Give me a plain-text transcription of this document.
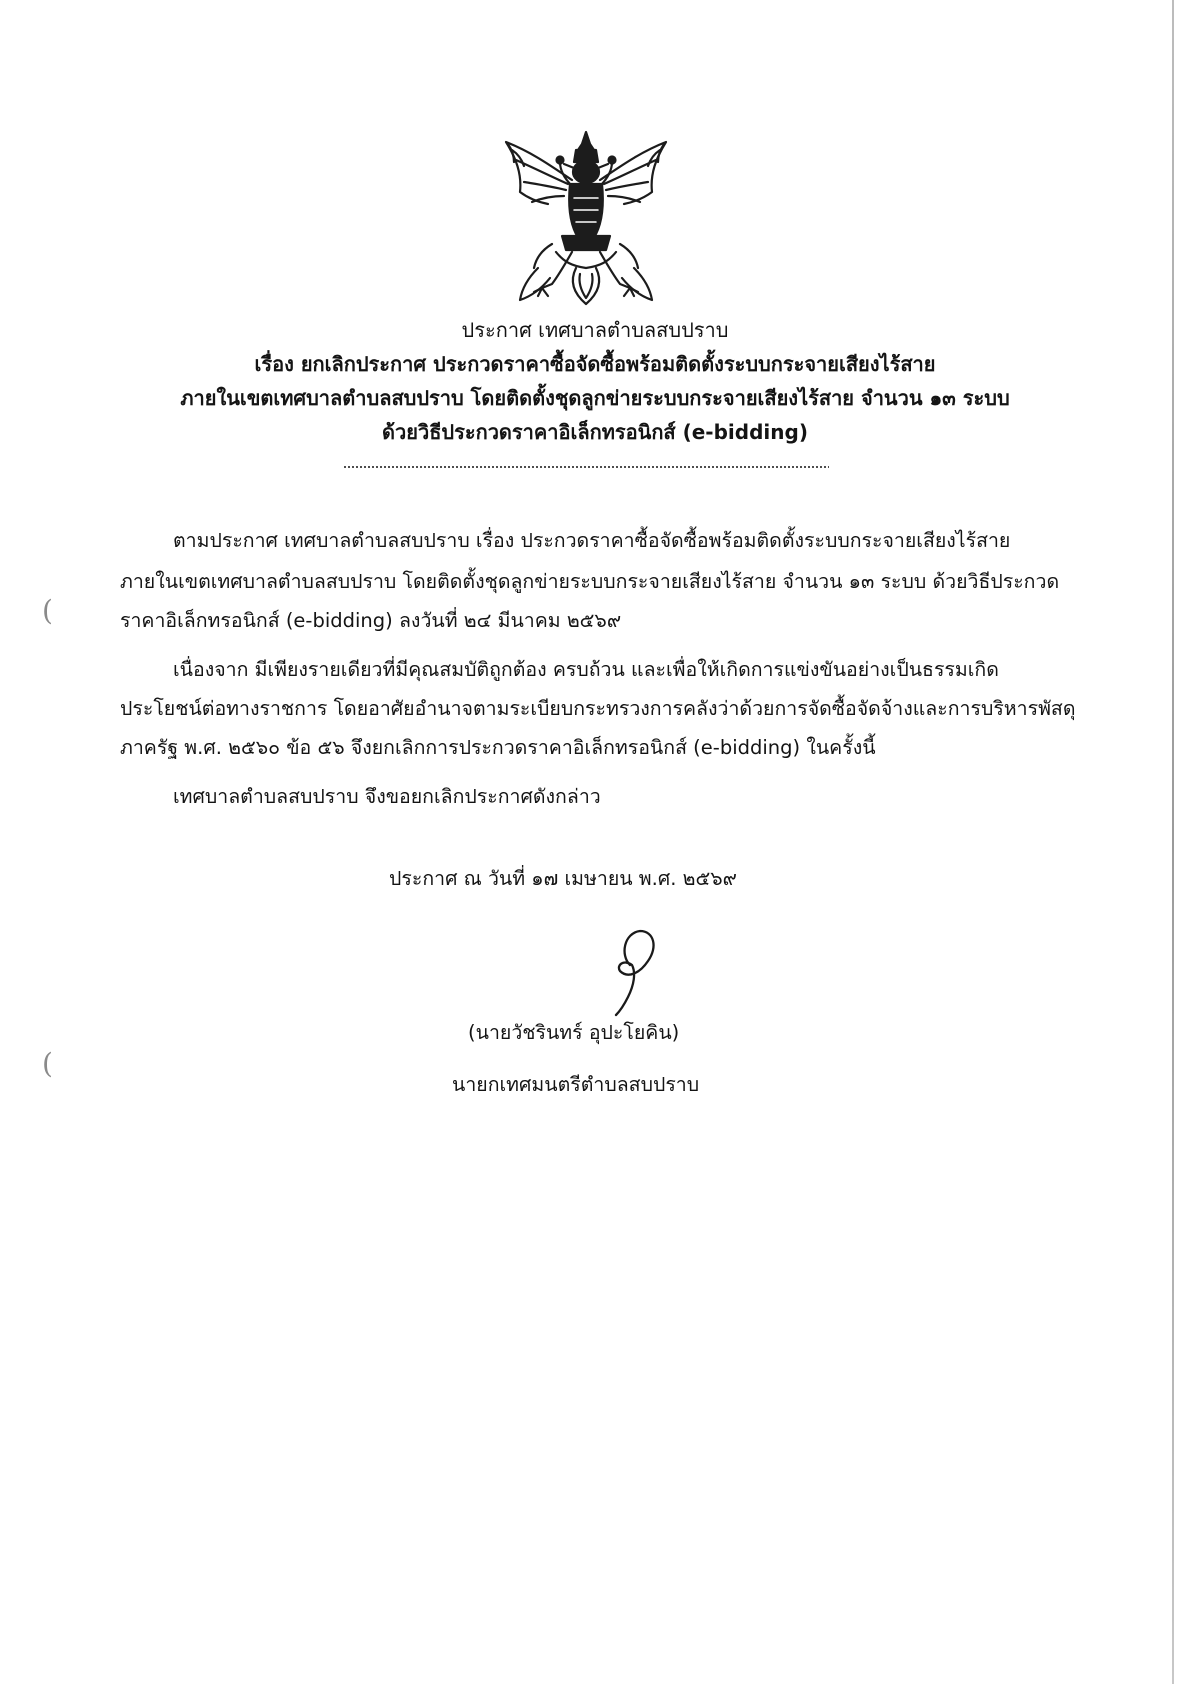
ประกาศ เทศบาลตำบลสบปราบ
เรื่อง ยกเลิกประกาศ ประกวดราคาซื้อจัดซื้อพร้อมติดตั้งระบบกระจายเสียงไร้สาย
ภายในเขตเทศบาลตำบลสบปราบ โดยติดตั้งชุดลูกข่ายระบบกระจายเสียงไร้สาย จำนวน ๑๓ ระบบ
ด้วยวิธีประกวดราคาอิเล็กทรอนิกส์ (e-bidding)
ตามประกาศ เทศบาลตำบลสบปราบ เรื่อง ประกวดราคาซื้อจัดซื้อพร้อมติดตั้งระบบกระจายเสียงไร้สาย
ภายในเขตเทศบาลตำบลสบปราบ โดยติดตั้งชุดลูกข่ายระบบกระจายเสียงไร้สาย จำนวน ๑๓ ระบบ ด้วยวิธีประกวด
ราคาอิเล็กทรอนิกส์ (e-bidding) ลงวันที่ ๒๔ มีนาคม ๒๕๖๙
เนื่องจาก มีเพียงรายเดียวที่มีคุณสมบัติถูกต้อง ครบถ้วน และเพื่อให้เกิดการแข่งขันอย่างเป็นธรรมเกิด
ประโยชน์ต่อทางราชการ โดยอาศัยอำนาจตามระเบียบกระทรวงการคลังว่าด้วยการจัดซื้อจัดจ้างและการบริหารพัสดุ
ภาครัฐ พ.ศ. ๒๕๖๐ ข้อ ๕๖ จึงยกเลิกการประกวดราคาอิเล็กทรอนิกส์ (e-bidding) ในครั้งนี้
เทศบาลตำบลสบปราบ จึงขอยกเลิกประกาศดังกล่าว
ประกาศ ณ วันที่ ๑๗ เมษายน พ.ศ. ๒๕๖๙
(นายวัชรินทร์ อุปะโยคิน)
นายกเทศมนตรีตำบลสบปราบ
(
(
